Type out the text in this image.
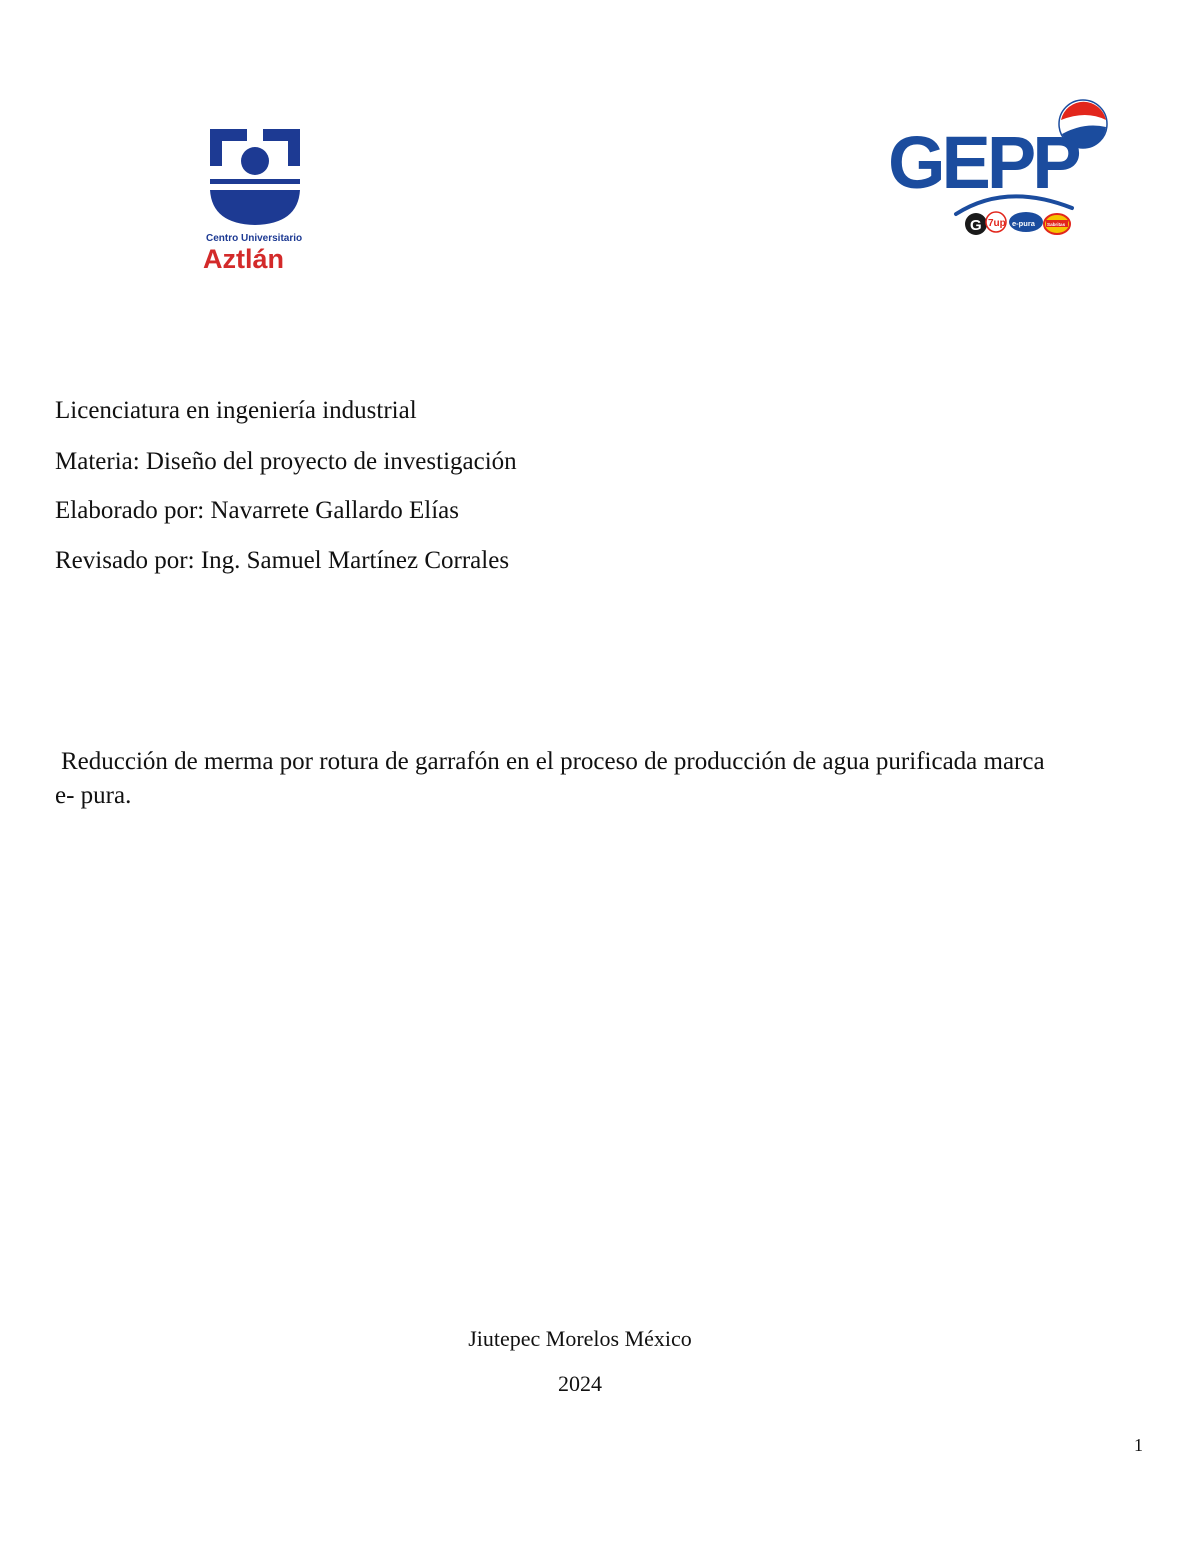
Centro Universitario
Aztlán
GEPP
G 7up e-pura	Sabritas
Licenciatura en ingeniería industrial
Materia: Diseño del proyecto de investigación
Elaborado por: Navarrete Gallardo Elías
Revisado por: Ing. Samuel Martínez Corrales
Reducción de merma por rotura de garrafón en el proceso de producción de agua purificada marca
e- pura.
Jiutepec Morelos México
2024
1
